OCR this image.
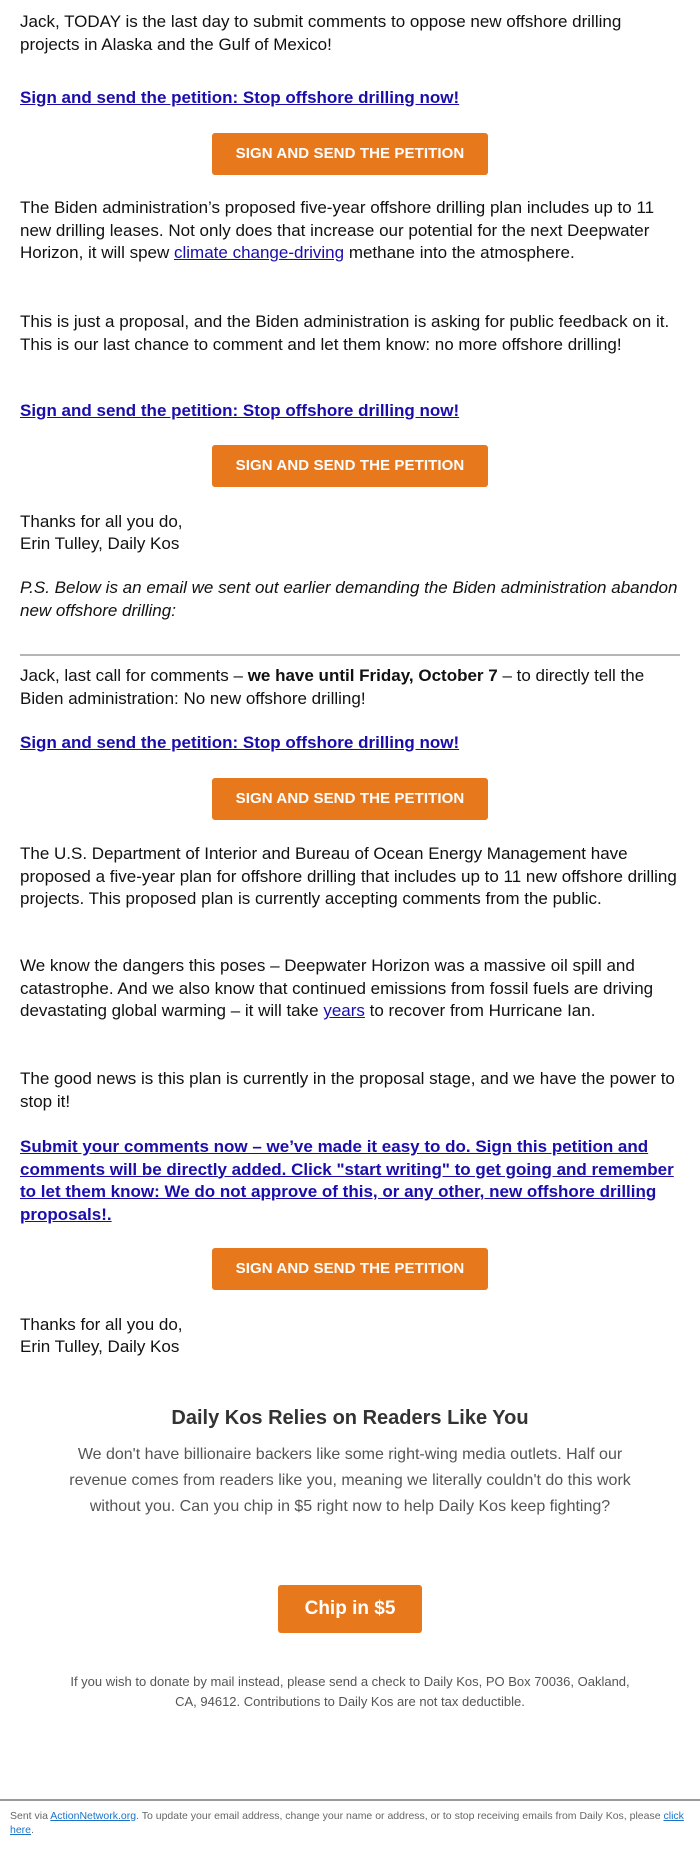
Jack, TODAY is the last day to submit comments to oppose new offshore drilling projects in Alaska and the Gulf of Mexico!

Sign and send the petition: Stop offshore drilling now!
SIGN AND SEND THE PETITION

The Biden administration’s proposed five-year offshore drilling plan includes up to 11 new drilling leases. Not only does that increase our potential for the next Deepwater Horizon, it will spew climate change-driving methane into the atmosphere.

This is just a proposal, and the Biden administration is asking for public feedback on it. This is our last chance to comment and let them know: no more offshore drilling!

Sign and send the petition: Stop offshore drilling now!
SIGN AND SEND THE PETITION

Thanks for all you do,

Erin Tulley, Daily Kos

P.S. Below is an email we sent out earlier demanding the Biden administration abandon new offshore drilling:

Jack, last call for comments – we have until Friday, October 7 – to directly tell the Biden administration: No new offshore drilling!

Sign and send the petition: Stop offshore drilling now!
SIGN AND SEND THE PETITION

The U.S. Department of Interior and Bureau of Ocean Energy Management have proposed a five-year plan for offshore drilling that includes up to 11 new offshore drilling projects. This proposed plan is currently accepting comments from the public.

We know the dangers this poses – Deepwater Horizon was a massive oil spill and catastrophe. And we also know that continued emissions from fossil fuels are driving devastating global warming – it will take years to recover from Hurricane Ian.

The good news is this plan is currently in the proposal stage, and we have the power to stop it!

Submit your comments now – we’ve made it easy to do. Sign this petition and comments will be directly added. Click "start writing" to get going and remember to let them know: We do not approve of this, or any other, new offshore drilling proposals!.
SIGN AND SEND THE PETITION

Thanks for all you do,

Erin Tulley, Daily Kos

Daily Kos Relies on Readers Like You
We don't have billionaire backers like some right-wing media outlets. Half our revenue comes from readers like you, meaning we literally couldn't do this work without you. Can you chip in $5 right now to help Daily Kos keep fighting?
Chip in $5
If you wish to donate by mail instead, please send a check to Daily Kos, PO Box 70036, Oakland, CA, 94612. Contributions to Daily Kos are not tax deductible.
Sent via ActionNetwork.org. To update your email address, change your name or address, or to stop receiving emails from Daily Kos, please click here.
